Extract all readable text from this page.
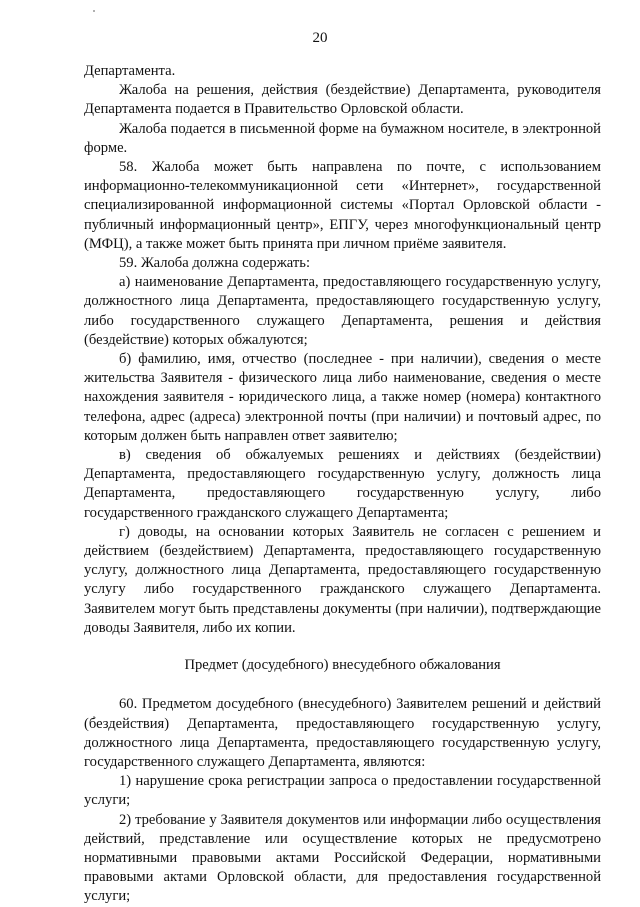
20

Департамента.

Жалоба на решения, действия (бездействие) Департамента, руководителя Департамента подается в Правительство Орловской области.

Жалоба подается в письменной форме на бумажном носителе, в электронной форме.

58. Жалоба может быть направлена по почте, с использованием информационно-телекоммуникационной сети «Интернет», государственной специализированной информационной системы «Портал Орловской области - публичный информационный центр», ЕПГУ, через многофункциональный центр (МФЦ), а также может быть принята при личном приёме заявителя.

59. Жалоба должна содержать:

а) наименование Департамента, предоставляющего государственную услугу, должностного лица Департамента, предоставляющего государственную услугу, либо государственного служащего Департамента, решения и действия (бездействие) которых обжалуются;

б) фамилию, имя, отчество (последнее - при наличии), сведения о месте жительства Заявителя - физического лица либо наименование, сведения о месте нахождения заявителя - юридического лица, а также номер (номера) контактного телефона, адрес (адреса) электронной почты (при наличии) и почтовый адрес, по которым должен быть направлен ответ заявителю;

в) сведения об обжалуемых решениях и действиях (бездействии) Департамента, предоставляющего государственную услугу, должность лица Департамента, предоставляющего государственную услугу, либо государственного гражданского служащего Департамента;

г) доводы, на основании которых Заявитель не согласен с решением и действием (бездействием) Департамента, предоставляющего государственную услугу, должностного лица Департамента, предоставляющего государственную услугу либо государственного гражданского служащего Департамента. Заявителем могут быть представлены документы (при наличии), подтверждающие доводы Заявителя, либо их копии.

Предмет (досудебного) внесудебного обжалования

60. Предметом досудебного (внесудебного) Заявителем решений и действий (бездействия) Департамента, предоставляющего государственную услугу, должностного лица Департамента, предоставляющего государственную услугу, государственного служащего Департамента, являются:

1) нарушение срока регистрации запроса о предоставлении государственной услуги;

2) требование у Заявителя документов или информации либо осуществления действий, представление или осуществление которых не предусмотрено нормативными правовыми актами Российской Федерации, нормативными правовыми актами Орловской области, для предоставления государственной услуги;
